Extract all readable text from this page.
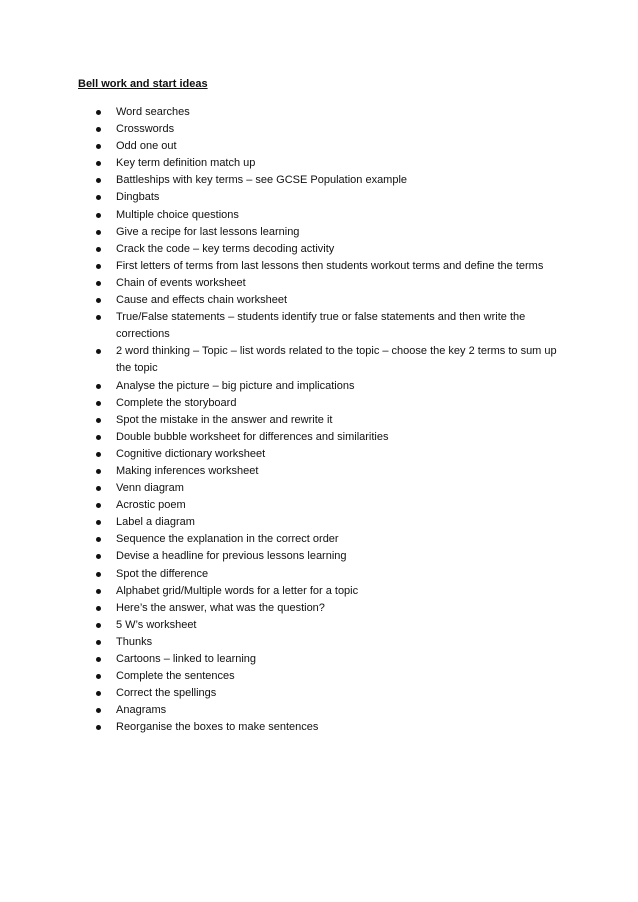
Bell work and start ideas
Word searches
Crosswords
Odd one out
Key term definition match up
Battleships with key terms – see GCSE Population example
Dingbats
Multiple choice questions
Give a recipe for last lessons learning
Crack the code – key terms decoding activity
First letters of terms from last lessons then students workout terms and define the terms
Chain of events worksheet
Cause and effects chain worksheet
True/False statements – students identify true or false statements and then write the corrections
2 word thinking – Topic – list words related to the topic – choose the key 2 terms to sum up the topic
Analyse the picture – big picture and implications
Complete the storyboard
Spot the mistake in the answer and rewrite it
Double bubble worksheet for differences and similarities
Cognitive dictionary worksheet
Making inferences worksheet
Venn diagram
Acrostic poem
Label a diagram
Sequence the explanation in the correct order
Devise a headline for previous lessons learning
Spot the difference
Alphabet grid/Multiple words for a letter for a topic
Here’s the answer, what was the question?
5 W’s worksheet
Thunks
Cartoons – linked to learning
Complete the sentences
Correct the spellings
Anagrams
Reorganise the boxes to make sentences
